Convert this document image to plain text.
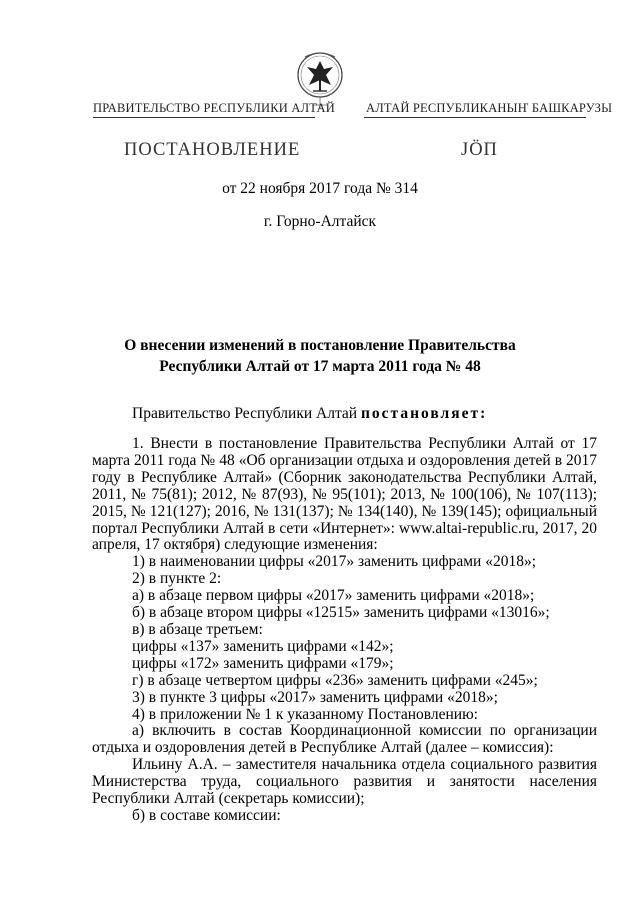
ПРАВИТЕЛЬСТВО РЕСПУБЛИКИ АЛТАЙ АЛТАЙ РЕСПУБЛИКАНЫҤ БАШКАРУЗЫ
ПОСТАНОВЛЕНИЕ	ЈӦП
от 22 ноября 2017 года № 314
г. Горно-Алтайск
О внесении изменений в постановление Правительства Республики Алтай от 17 марта 2011 года № 48
Правительство Республики Алтай постановляет:

1. Внести в постановление Правительства Республики Алтай от 17 марта 2011 года № 48 «Об организации отдыха и оздоровления детей в 2017 году в Республике Алтай» (Сборник законодательства Республики Алтай, 2011, № 75(81); 2012, № 87(93), № 95(101); 2013, № 100(106), № 107(113); 2015, № 121(127); 2016, № 131(137); № 134(140), № 139(145); официальный портал Республики Алтай в сети «Интернет»: www.altai-republic.ru, 2017, 20 апреля, 17 октября) следующие изменения:

1) в наименовании цифры «2017» заменить цифрами «2018»;

2) в пункте 2:

а) в абзаце первом цифры «2017» заменить цифрами «2018»;

б) в абзаце втором цифры «12515» заменить цифрами «13016»;

в) в абзаце третьем:

цифры «137» заменить цифрами «142»;

цифры «172» заменить цифрами «179»;

г) в абзаце четвертом цифры «236» заменить цифрами «245»;

3) в пункте 3 цифры «2017» заменить цифрами «2018»;

4) в приложении № 1 к указанному Постановлению:

а) включить в состав Координационной комиссии по организации отдыха и оздоровления детей в Республике Алтай (далее – комиссия):

Ильину А.А. – заместителя начальника отдела социального развития Министерства труда, социального развития и занятости населения Республики Алтай (секретарь комиссии);

б) в составе комиссии:
